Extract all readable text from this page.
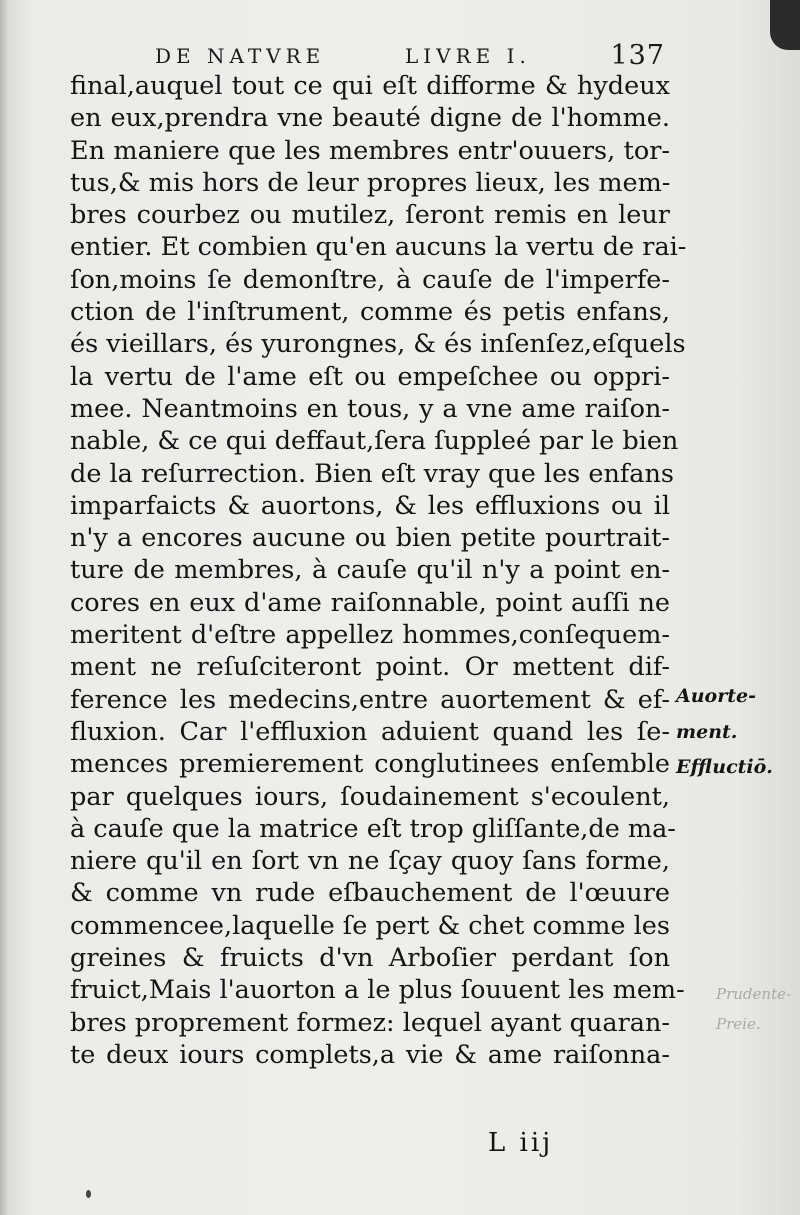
DE NATVRE	LIVRE I.	137
final,auquel tout ce qui eſt difforme & hydeux
en eux,prendra vne beauté digne de l'homme.
En maniere que les membres entr'ouuers, tor-
tus,& mis hors de leur propres lieux, les mem-
bres courbez ou mutilez, ſeront remis en leur
entier. Et combien qu'en aucuns la vertu de rai-
ſon,moins ſe demonſtre, à cauſe de l'imperfe-
ction de l'inſtrument, comme és petis enfans,
és vieillars, és yurongnes, & és inſenſez,eſquels
la vertu de l'ame eſt ou empeſchee ou oppri-
mee. Neantmoins en tous, y a vne ame raiſon-
nable, & ce qui deffaut,ſera ſuppleé par le bien
de la reſurrection. Bien eſt vray que les enfans
imparfaicts & auortons, & les effluxions ou il
n'y a encores aucune ou bien petite pourtrait-
ture de membres, à cauſe qu'il n'y a point en-
cores en eux d'ame raiſonnable, point auſſi ne
meritent d'eſtre appellez hommes,conſequem-
ment ne reſuſciteront point. Or mettent dif-
ference les medecins,entre auortement & ef-
fluxion. Car l'effluxion aduient quand les ſe-
mences premierement conglutinees enſemble
par quelques iours, ſoudainement s'ecoulent,
à cauſe que la matrice eſt trop gliſſante,de ma-
niere qu'il en ſort vn ne ſçay quoy ſans forme,
& comme vn rude eſbauchement de l'œuure
commencee,laquelle ſe pert & chet comme les
greines & fruicts d'vn Arboſier perdant ſon
fruict,Mais l'auorton a le plus ſouuent les mem-
bres proprement formez: lequel ayant quaran-
te deux iours complets,a vie & ame raiſonna-
Auorte-
ment.
Effluctiō.
Prudente-
Preie.
L iij
